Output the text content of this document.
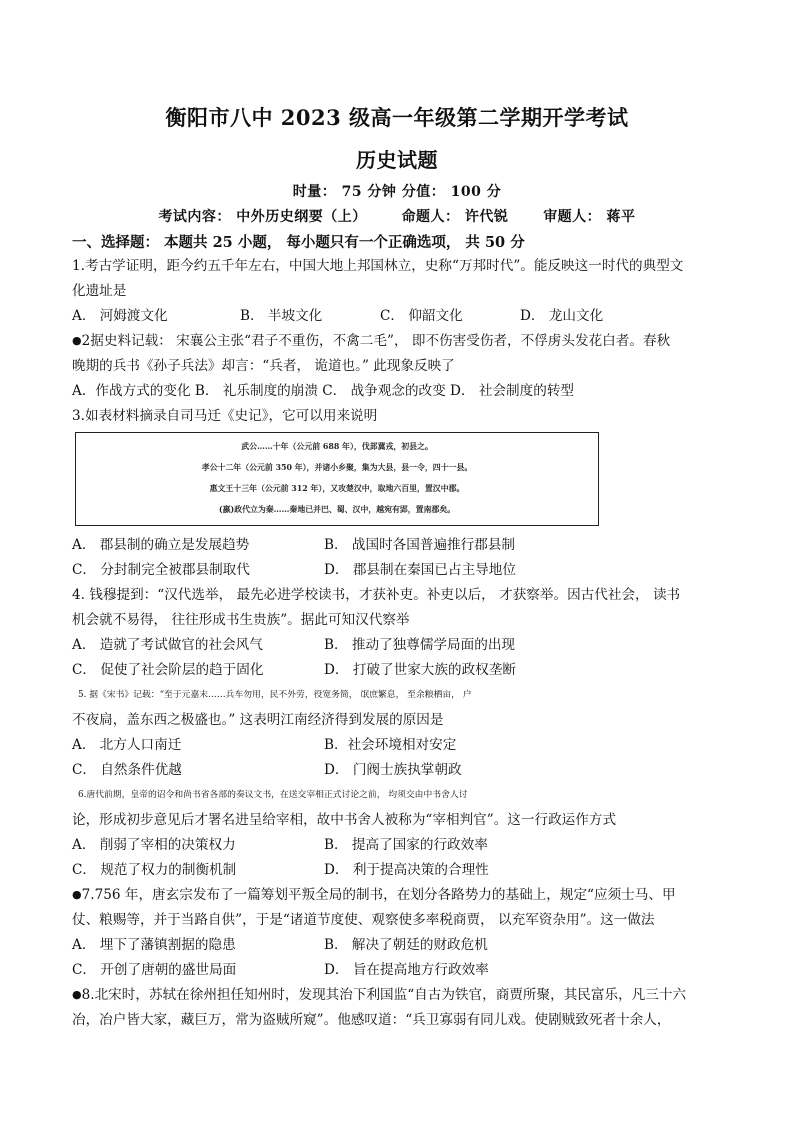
衡阳市八中 2023 级高一年级第二学期开学考试
历史试题
时量： 75 分钟 分值： 100 分
考试内容： 中外历史纲要（上） 命题人： 许代锐 审题人： 蒋平
一、选择题： 本题共 25 小题， 每小题只有一个正确选项， 共 50 分
1.考古学证明，距今约五千年左右，中国大地上邦国林立，史称“万邦时代”。能反映这一时代的典型文
化遗址是
A． 河姆渡文化	B． 半坡文化	C． 仰韶文化	D． 龙山文化
●2据史料记载： 宋襄公主张“君子不重伤，不禽二毛”， 即不伤害受伤者，不俘虏头发花白者。春秋
晚期的兵书《孙子兵法》却言：“兵者， 诡道也。” 此现象反映了
A．作战方式的变化 B． 礼乐制度的崩溃 C． 战争观念的改变 D． 社会制度的转型
3.如表材料摘录自司马迁《史记》，它可以用来说明
武公……十年（公元前 688 年），伐邽冀戎，初县之。
孝公十二年（公元前 350 年），并诸小乡聚，集为大县，县一令，四十一县。
惠文王十三年（公元前 312 年），又攻楚汉中，取地六百里，置汉中郡。
(嬴)政代立为秦……秦地已并巴、蜀、汉中，越宛有郢，置南郡矣。
A． 郡县制的确立是发展趋势	B． 战国时各国普遍推行郡县制
C． 分封制完全被郡县制取代	D． 郡县制在秦国已占主导地位
4. 钱穆提到：“汉代选举， 最先必进学校读书，才获补吏。补吏以后， 才获察举。因古代社会， 读书
机会就不易得， 往往形成书生贵族”。据此可知汉代察举
A． 造就了考试做官的社会风气	B． 推动了独尊儒学局面的出现
C． 促使了社会阶层的趋于固化	D． 打破了世家大族的政权垄断
5. 据《宋书》记载：“至于元嘉末……兵车勿用，民不外劳，役宽务简， 氓庶繁息， 至余粮栖亩， 户
不夜扃，盖东西之极盛也。” 这表明江南经济得到发展的原因是
A． 北方人口南迁	B．社会环境相对安定
C． 自然条件优越	D． 门阀士族执掌朝政
6.唐代前期，皇帝的诏令和尚书省各部的奏议文书，在送交宰相正式讨论之前， 均须交由中书舍人讨
论，形成初步意见后才署名进呈给宰相，故中书舍人被称为“宰相判官”。这一行政运作方式
A． 削弱了宰相的决策权力	B． 提高了国家的行政效率
C． 规范了权力的制衡机制	D． 利于提高决策的合理性
●7.756 年，唐玄宗发布了一篇筹划平叛全局的制书，在划分各路势力的基础上，规定“应须士马、甲
仗、粮赐等，并于当路自供”，于是“诸道节度使、观察使多率税商贾， 以充军资杂用”。这一做法
A． 埋下了藩镇割据的隐患	B． 解决了朝廷的财政危机
C． 开创了唐朝的盛世局面	D． 旨在提高地方行政效率
●8.北宋时，苏轼在徐州担任知州时，发现其治下利国监“自古为铁官，商贾所聚，其民富乐，凡三十六
冶，冶户皆大家，藏巨万，常为盗贼所窥”。他感叹道：“兵卫寡弱有同儿戏。使剧贼致死者十余人，
